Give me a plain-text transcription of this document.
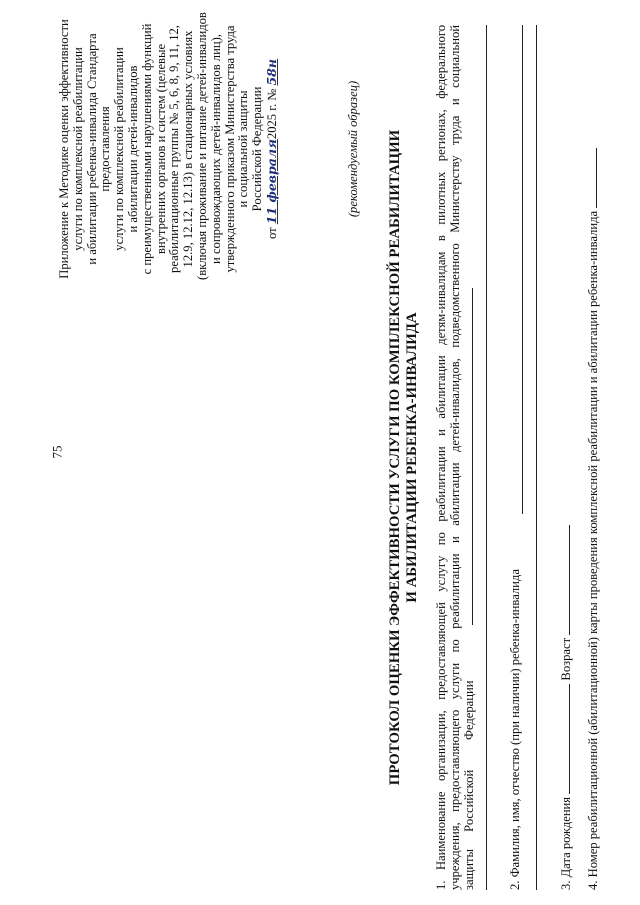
75
Приложение к Методике оценки эффективности услуги по комплексной реабилитации и абилитации ребенка-инвалида Стандарта предоставления услуги по комплексной реабилитации и абилитации детей-инвалидов с преимущественными нарушениями функций внутренних органов и систем (целевые реабилитационные группы № 5, 6, 8, 9, 11, 12, 12.9, 12.12, 12.13) в стационарных условиях (включая проживание и питание детей-инвалидов и сопровождающих детей-инвалидов лиц), утвержденного приказом Министерства труда и социальной защиты Российской Федерации
от 11 февраля2025 г. № 58н
(рекомендуемый образец) ПРОТОКОЛ ОЦЕНКИ ЭФФЕКТИВНОСТИ УСЛУГИ ПО КОМПЛЕКСНОЙ РЕАБИЛИТАЦИИ И АБИЛИТАЦИИ РЕБЕНКА-ИНВАЛИДА 1. Наименование организации, предоставляющей услугу по реабилитации и абилитации детям-инвалидам в пилотных регионах, федерального учреждения, предоставляющего услуги по реабилитации и абилитации детей-инвалидов, подведомственного Министерству труда и социальной защиты Российской
Федерации	2. Фамилия, имя, отчество (при наличии) ребенка-инвалида	3. Дата рождения  Возраст 4. Номер реабилитационной (абилитационной) карты проведения комплексной реабилитации и абилитации ребенка-инвалида
